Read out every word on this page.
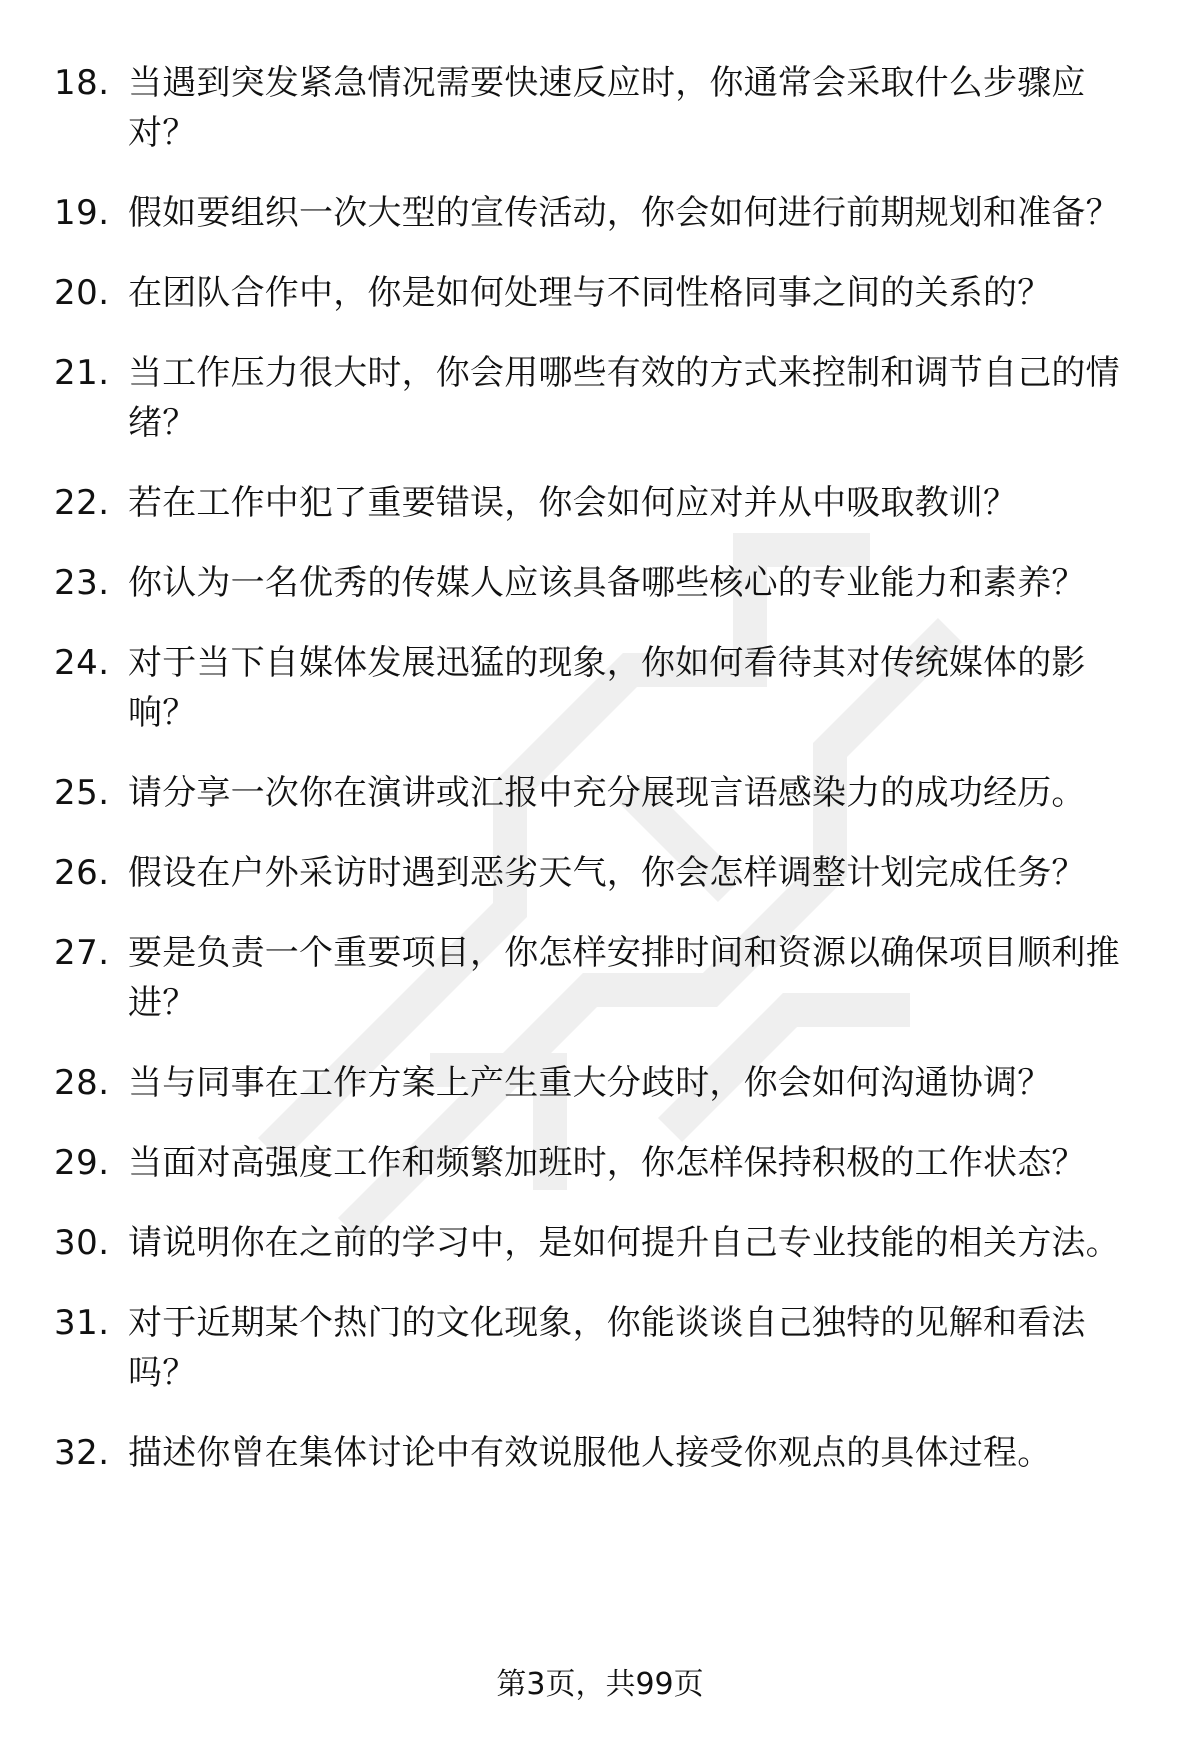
18. 当遇到突发紧急情况需要快速反应时，你通常会采取什么步骤应对？
19. 假如要组织一次大型的宣传活动，你会如何进行前期规划和准备？
20. 在团队合作中，你是如何处理与不同性格同事之间的关系的？
21. 当工作压力很大时，你会用哪些有效的方式来控制和调节自己的情绪？
22. 若在工作中犯了重要错误，你会如何应对并从中吸取教训？
23. 你认为一名优秀的传媒人应该具备哪些核心的专业能力和素养？
24. 对于当下自媒体发展迅猛的现象，你如何看待其对传统媒体的影响？
25. 请分享一次你在演讲或汇报中充分展现言语感染力的成功经历。
26. 假设在户外采访时遇到恶劣天气，你会怎样调整计划完成任务？
27. 要是负责一个重要项目，你怎样安排时间和资源以确保项目顺利推进？
28. 当与同事在工作方案上产生重大分歧时，你会如何沟通协调？
29. 当面对高强度工作和频繁加班时，你怎样保持积极的工作状态？
30. 请说明你在之前的学习中，是如何提升自己专业技能的相关方法。
31. 对于近期某个热门的文化现象，你能谈谈自己独特的见解和看法吗？
32. 描述你曾在集体讨论中有效说服他人接受你观点的具体过程。
第3页，共99页
